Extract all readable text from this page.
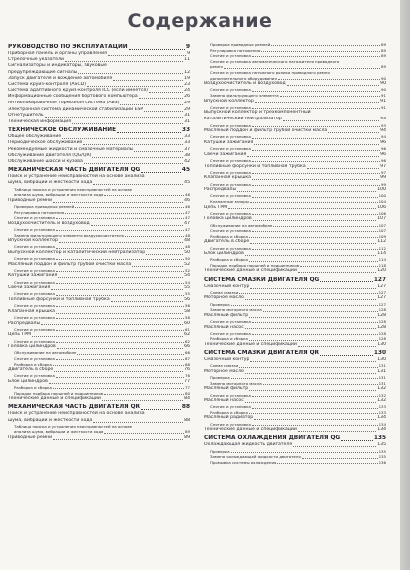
Содержание
РУКОВОДСТВО ПО ЭКСПЛУАТАЦИИ	9
Приборная панель и органы управления	9
Стрелочные указатели	11
Сигнализаторы и индикаторы, звуковые
предупреждающие сигналы	12
Запуск двигателя и вождение автомобиля	19
Система круиз-контроля (ASCD)	23
Система адаптивного круиз-контроля ICC (если имеется)	24
Информационные сообщения бортового компьютера	26
Антиблокировочная тормозная система (ABS)	29
Электронная система динамической стабилизации ESP	29
Огнетушитель	31
Техническая информация	31
ТЕХНИЧЕСКОЕ ОБСЛУЖИВАНИЕ	33
Общее обслуживание	33
Периодическое обслуживание	33
Рекомендуемые жидкости и смазочные материалы	37
Обслуживание двигателя (QG/QR)	38
Обслуживание шасси и кузова	42
МЕХАНИЧЕСКАЯ ЧАСТЬ ДВИГАТЕЛЯ QG	45
Поиск и устранение неисправностей на основе анализа
шума, вибрации и жесткости хода	45
Таблица поиска и устранения неисправностей на основе
анализа шума, вибрации и жесткости хода	46
Приводные ремни	46
Проверка приводных ремней	46
Регулировка натяжения	47
Снятие и установка	47
Воздухоочиститель и воздуховод	47
Снятие и установка	47
Замена фильтрующего элемента воздухоочистителя	48
Впускной коллектор	48
Снятие и установка	48
Выпускной коллектор и каталитический нейтрализатор	50
Снятие и установка	50
Масляный поддон и фильтр грубой очистки масла	52
Снятие и установка	52
Катушки зажигания	54
Снятие и установка	54
Свечи зажигания	55
Снятие и установка	55
Топливные форсунки и топливная трубка	56
Снятие и установка	56
Клапанная крышка	58
Снятие и установка	58
Распредвалы	60
Снятие и установка	61
Цепь ГРМ	62
Снятие и установка	62
Головка цилиндров	66
Обслуживание на автомобиле	66
Снятие и установка	67
Разборка и сборка	68
Двигатель в сборе	76
Снятие и установка	76
Блок цилиндров	77
Разборка и сборка	77
Порядок подбора поршней и подшипников	80
Технические данные и спецификации	84
МЕХАНИЧЕСКАЯ ЧАСТЬ ДВИГАТЕЛЯ QR	88
Поиск и устранение неисправностей на основе анализа
шума, вибрации и жесткости хода	88
Таблица поиска и устранения неисправностей на основе
анализа шума, вибрации и жесткости хода	89
Приводные ремни	89
Проверка приводных ремней	89
Регулировка натяжения	89
Снятие и установка	89
Снятие и установка автоматического натяжителя приводного
ремня	89
Снятие и установка натяжного ролика приводного ремня
дополнительного оборудования	90
Воздухоочиститель и воздуховод	90
Снятие и установка	90
Замена фильтрующего элемента	91
Впускной коллектор	91
Снятие и установка	91
Выпускной коллектор и трехкомпонентный
каталитический нейтрализатор	93
Снятие и установка	93
Масляный поддон и фильтр грубой очистки масла	94
Снятие и установка	94
Катушки зажигания	96
Снятие и установка	96
Свечи зажигания	96
Снятие и установка	96
Топливные форсунки и топливная трубка	97
Снятие и установка	97
Клапанная крышка	99
Снятие и установка	99
Распредвалы	100
Снятие и установка	100
Клапанные зазоры	104
Цепь ГРМ	106
Снятие и установка	106
Головка цилиндров	107
Обслуживание на автомобиле	107
Снятие и установка	107
Разборка и сборка	109
Двигатель в сборе	112
Снятие и установка	112
Блок цилиндров	114
Разборка и сборка	114
Порядок подбора поршней и подшипников	118
Технические данные и спецификации	120
СИСТЕМА СМАЗКИ ДВИГАТЕЛЯ QG	127
Смазочный контур	127
Схема смазки	127
Моторное масло	127
Проверка	127
Замена моторного масла	128
Масляный фильтр	128
Снятие и установка	128
Масляный насос	128
Снятие и установка	128
Разборка и сборка	128
Технические данные и спецификации	130
СИСТЕМА СМАЗКИ ДВИГАТЕЛЯ QR	130
Смазочный контур	130
Схема смазки	131
Моторное масло	131
Проверка	131
Замена моторного масла	131
Масляный фильтр	132
Снятие и установка	132
Масляный насос	132
Снятие и установка	133
Разборка и сборка	133
Масляный радиатор	134
Снятие и установка	134
Технические данные и спецификации	134
СИСТЕМА ОХЛАЖДЕНИЯ ДВИГАТЕЛЯ QG	135
Охлаждающая жидкость двигателя	135
Проверка	135
Замена охлаждающей жидкости двигателя	135
Промывка системы охлаждения	136
